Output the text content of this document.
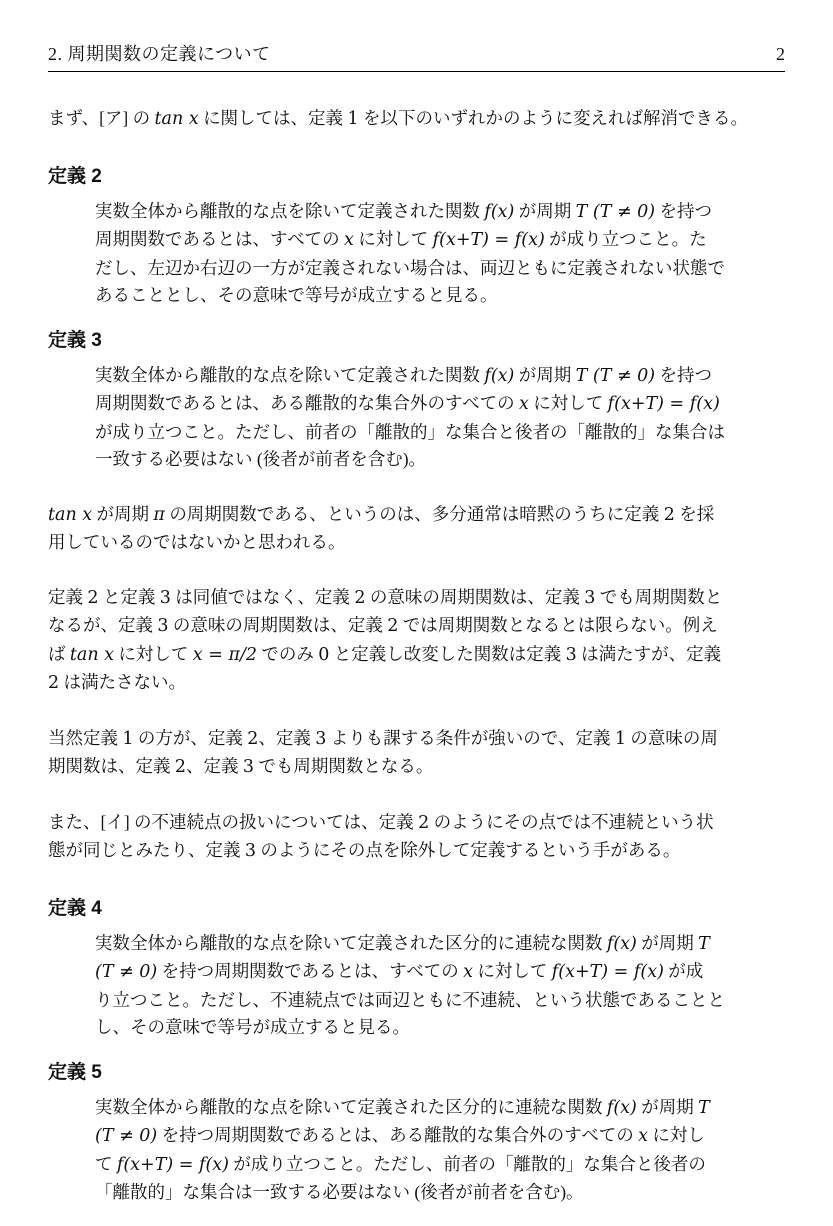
2. 周期関数の定義について	2

まず、[ア] の tan x に関しては、定義 1 を以下のいずれかのように変えれば解消できる。

定義 2
実数全体から離散的な点を除いて定義された関数 f(x) が周期 T (T ≠ 0) を持つ
周期関数であるとは、すべての x に対して f(x+T) = f(x) が成り立つこと。た
だし、左辺か右辺の一方が定義されない場合は、両辺ともに定義されない状態で
あることとし、その意味で等号が成立すると見る。
定義 3
実数全体から離散的な点を除いて定義された関数 f(x) が周期 T (T ≠ 0) を持つ
周期関数であるとは、ある離散的な集合外のすべての x に対して f(x+T) = f(x)
が成り立つこと。ただし、前者の「離散的」な集合と後者の「離散的」な集合は
一致する必要はない (後者が前者を含む)。

tan x が周期 π の周期関数である、というのは、多分通常は暗黙のうちに定義 2 を採
用しているのではないかと思われる。

定義 2 と定義 3 は同値ではなく、定義 2 の意味の周期関数は、定義 3 でも周期関数と
なるが、定義 3 の意味の周期関数は、定義 2 では周期関数となるとは限らない。例え
ば tan x に対して x = π/2 でのみ 0 と定義し改変した関数は定義 3 は満たすが、定義
2 は満たさない。

当然定義 1 の方が、定義 2、定義 3 よりも課する条件が強いので、定義 1 の意味の周
期関数は、定義 2、定義 3 でも周期関数となる。

また、[イ] の不連続点の扱いについては、定義 2 のようにその点では不連続という状
態が同じとみたり、定義 3 のようにその点を除外して定義するという手がある。

定義 4
実数全体から離散的な点を除いて定義された区分的に連続な関数 f(x) が周期 T
(T ≠ 0) を持つ周期関数であるとは、すべての x に対して f(x+T) = f(x) が成
り立つこと。ただし、不連続点では両辺ともに不連続、という状態であることと
し、その意味で等号が成立すると見る。
定義 5
実数全体から離散的な点を除いて定義された区分的に連続な関数 f(x) が周期 T
(T ≠ 0) を持つ周期関数であるとは、ある離散的な集合外のすべての x に対し
て f(x+T) = f(x) が成り立つこと。ただし、前者の「離散的」な集合と後者の
「離散的」な集合は一致する必要はない (後者が前者を含む)。
